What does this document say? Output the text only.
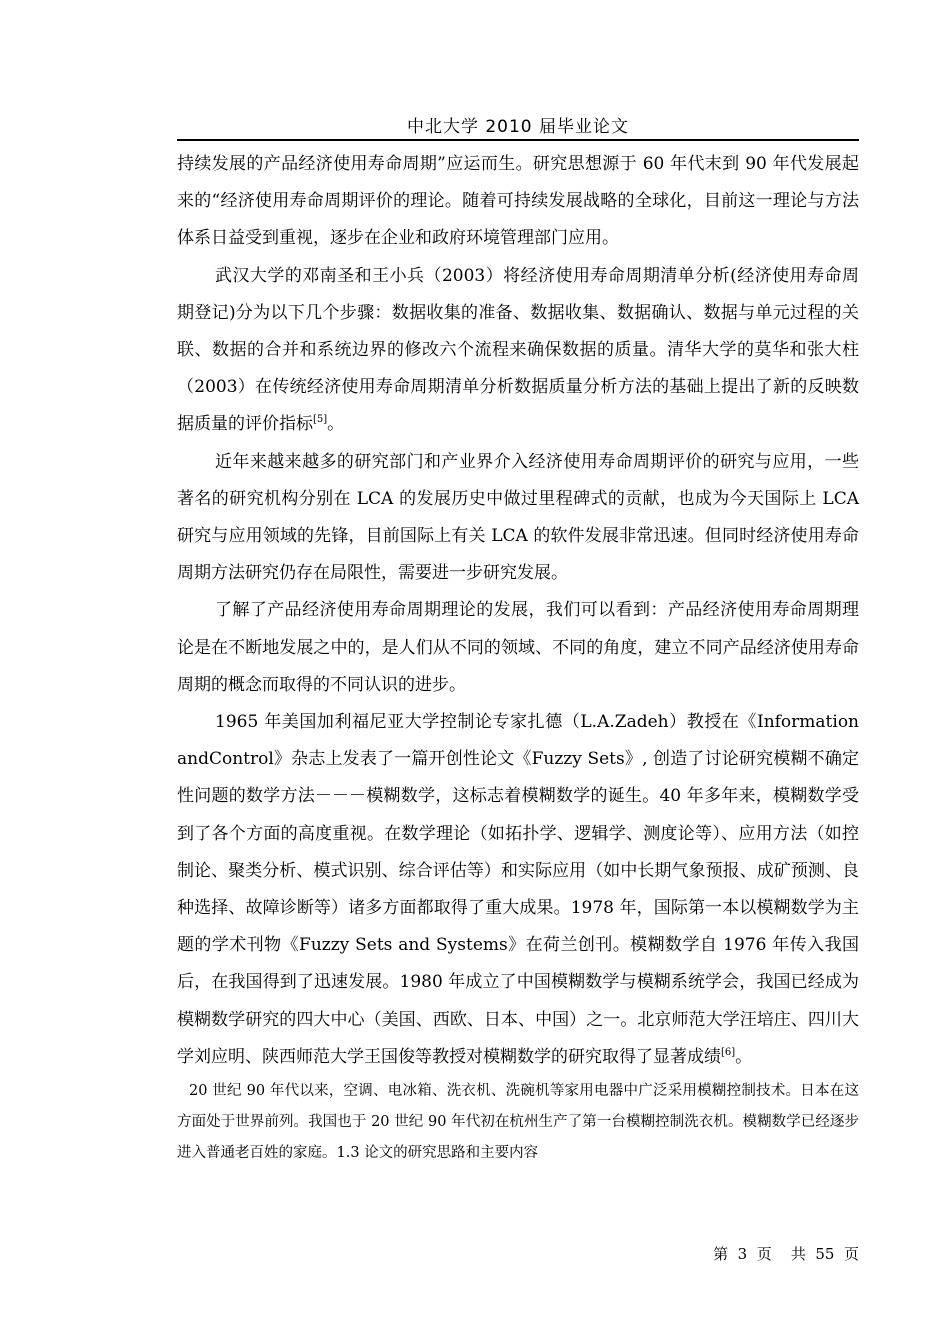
中北大学 2010 届毕业论文

持续发展的产品经济使用寿命周期”应运而生。研究思想源于 60 年代末到 90 年代发展起来的“经济使用寿命周期评价的理论。随着可持续发展战略的全球化，目前这一理论与方法体系日益受到重视，逐步在企业和政府环境管理部门应用。

武汉大学的邓南圣和王小兵（2003）将经济使用寿命周期清单分析(经济使用寿命周期登记)分为以下几个步骤：数据收集的准备、数据收集、数据确认、数据与单元过程的关联、数据的合并和系统边界的修改六个流程来确保数据的质量。清华大学的莫华和张大柱（2003）在传统经济使用寿命周期清单分析数据质量分析方法的基础上提出了新的反映数据质量的评价指标[5]。

近年来越来越多的研究部门和产业界介入经济使用寿命周期评价的研究与应用，一些著名的研究机构分别在 LCA 的发展历史中做过里程碑式的贡献，也成为今天国际上 LCA 研究与应用领域的先锋，目前国际上有关 LCA 的软件发展非常迅速。但同时经济使用寿命周期方法研究仍存在局限性，需要进一步研究发展。

了解了产品经济使用寿命周期理论的发展，我们可以看到：产品经济使用寿命周期理论是在不断地发展之中的，是人们从不同的领域、不同的角度，建立不同产品经济使用寿命周期的概念而取得的不同认识的进步。

1965 年美国加利福尼亚大学控制论专家扎德（L.A.Zadeh）教授在《Information andControl》杂志上发表了一篇开创性论文《Fuzzy Sets》, 创造了讨论研究模糊不确定性问题的数学方法－－－模糊数学，这标志着模糊数学的诞生。40 年多年来，模糊数学受到了各个方面的高度重视。在数学理论（如拓扑学、逻辑学、测度论等）、应用方法（如控制论、聚类分析、模式识别、综合评估等）和实际应用（如中长期气象预报、成矿预测、良种选择、故障诊断等）诸多方面都取得了重大成果。1978 年，国际第一本以模糊数学为主题的学术刊物《Fuzzy Sets and Systems》在荷兰创刊。模糊数学自 1976 年传入我国后，在我国得到了迅速发展。1980 年成立了中国模糊数学与模糊系统学会，我国已经成为模糊数学研究的四大中心（美国、西欧、日本、中国）之一。北京师范大学汪培庄、四川大学刘应明、陕西师范大学王国俊等教授对模糊数学的研究取得了显著成绩[6]。

20 世纪 90 年代以来，空调、电冰箱、洗衣机、洗碗机等家用电器中广泛采用模糊控制技术。日本在这方面处于世界前列。我国也于 20 世纪 90 年代初在杭州生产了第一台模糊控制洗衣机。模糊数学已经逐步进入普通老百姓的家庭。1.3 论文的研究思路和主要内容

第  3  页    共  55  页
